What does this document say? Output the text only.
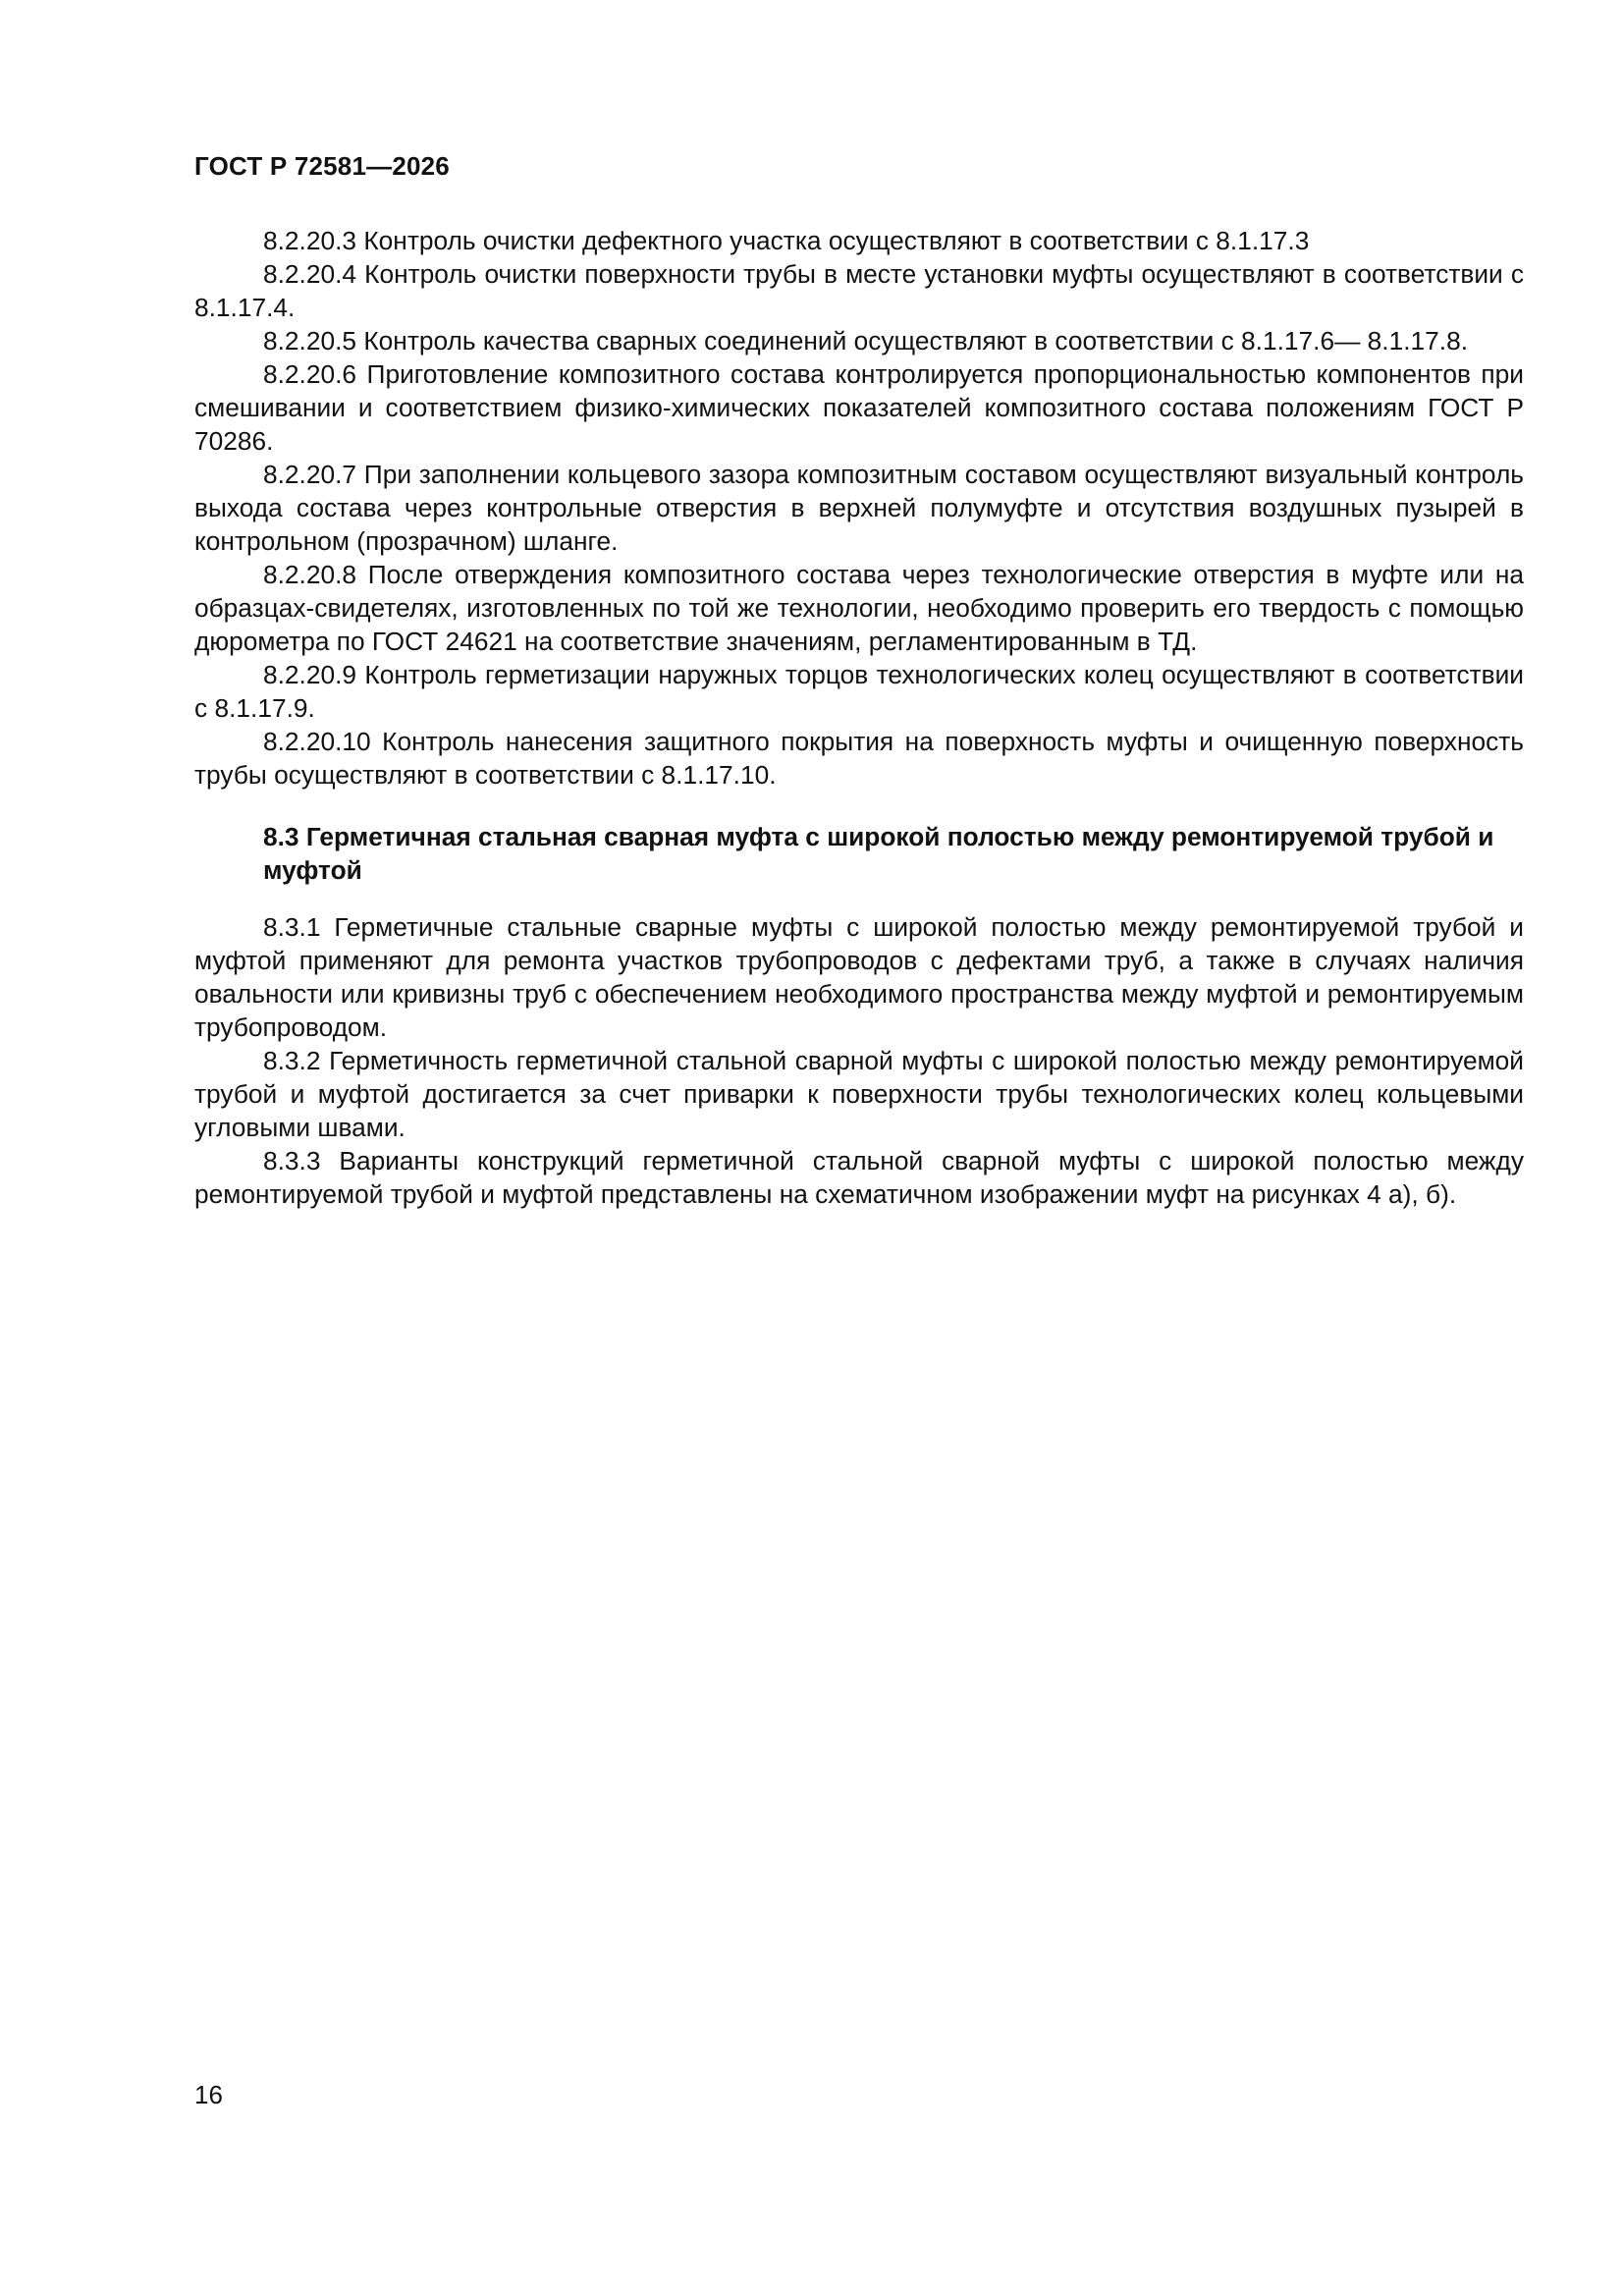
ГОСТ Р 72581—2026

8.2.20.3 Контроль очистки дефектного участка осуществляют в соответствии с 8.1.17.3

8.2.20.4 Контроль очистки поверхности трубы в месте установки муфты осуществляют в соответствии с 8.1.17.4.

8.2.20.5 Контроль качества сварных соединений осуществляют в соответствии с 8.1.17.6— 8.1.17.8.

8.2.20.6 Приготовление композитного состава контролируется пропорциональностью компонентов при смешивании и соответствием физико-химических показателей композитного состава положениям ГОСТ Р 70286.

8.2.20.7 При заполнении кольцевого зазора композитным составом осуществляют визуальный контроль выхода состава через контрольные отверстия в верхней полумуфте и отсутствия воздушных пузырей в контрольном (прозрачном) шланге.

8.2.20.8 После отверждения композитного состава через технологические отверстия в муфте или на образцах-свидетелях, изготовленных по той же технологии, необходимо проверить его твердость с помощью дюрометра по ГОСТ 24621 на соответствие значениям, регламентированным в ТД.

8.2.20.9 Контроль герметизации наружных торцов технологических колец осуществляют в соответствии с 8.1.17.9.

8.2.20.10 Контроль нанесения защитного покрытия на поверхность муфты и очищенную поверхность трубы осуществляют в соответствии с 8.1.17.10.

8.3 Герметичная стальная сварная муфта с широкой полостью между ремонтируемой трубой и муфтой

8.3.1 Герметичные стальные сварные муфты с широкой полостью между ремонтируемой трубой и муфтой применяют для ремонта участков трубопроводов с дефектами труб, а также в случаях наличия овальности или кривизны труб с обеспечением необходимого пространства между муфтой и ремонтируемым трубопроводом.

8.3.2 Герметичность герметичной стальной сварной муфты с широкой полостью между ремонтируемой трубой и муфтой достигается за счет приварки к поверхности трубы технологических колец кольцевыми угловыми швами.

8.3.3 Варианты конструкций герметичной стальной сварной муфты с широкой полостью между ремонтируемой трубой и муфтой представлены на схематичном изображении муфт на рисунках 4 а), б).

16
